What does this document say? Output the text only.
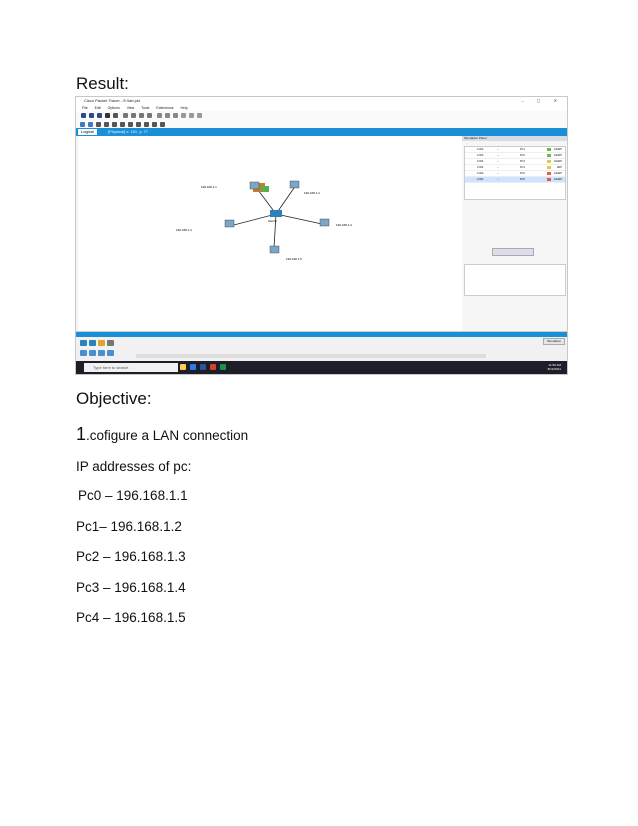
Result:
Cisco Packet Tracer - E:\lab.pkt	– ▢ ✕
File Edit Options View Tools Extensions Help
Logical	[Physical] x: 161, y: 77
196.168.1.1
196.168.1.2
196.168.1.3
196.168.1.4
196.168.1.5
Switch0
Simulation Panel
0.000	--	PC1	EIGRP
0.000	--	PC2	EIGRP
0.000	--	PC3	EIGRP
0.000	--	PC4	ARP
0.000	--	PC0	EIGRP
0.000	--	PC0	EIGRP
Simulation
Type here to search	11:59 AM
8/13/2021
Objective:
1.cofigure a LAN connection
IP addresses of pc:
Pc0 – 196.168.1.1
Pc1– 196.168.1.2
Pc2 – 196.168.1.3
Pc3 – 196.168.1.4
Pc4 – 196.168.1.5
